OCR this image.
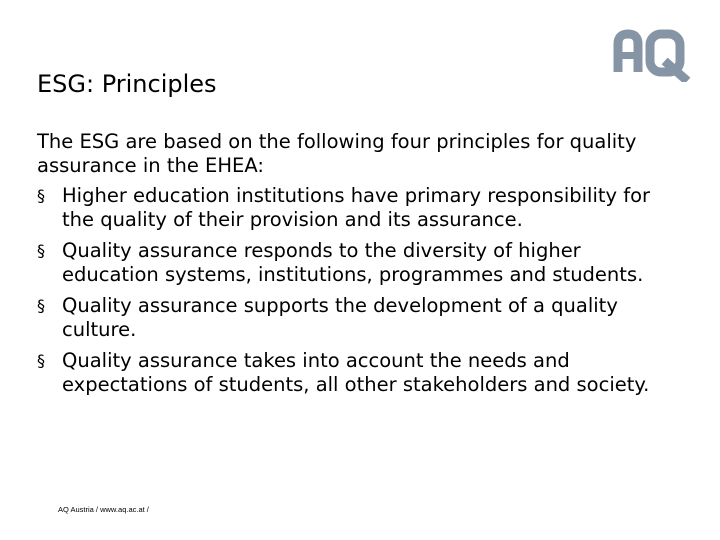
ESG: Principles

The ESG are based on the following four principles for quality assurance in the EHEA:

§ Higher education institutions have primary responsibility for the quality of their provision and its assurance.
§ Quality assurance responds to the diversity of higher education systems, institutions, programmes and students.
§ Quality assurance supports the development of a quality culture.
§ Quality assurance takes into account the needs and expectations of students, all other stakeholders and society.
AQ Austria / www.aq.ac.at /
